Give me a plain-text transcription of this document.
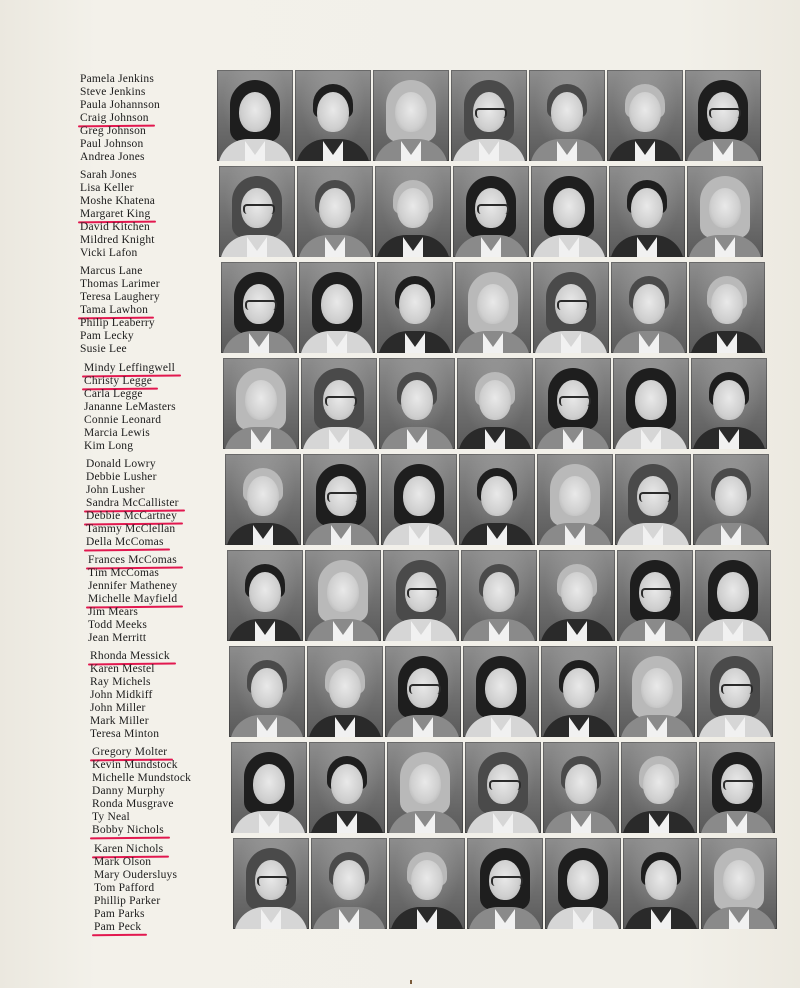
Pamela Jenkins
Steve Jenkins
Paula Johannson
Craig Johnson
Greg Johnson
Paul Johnson
Andrea Jones
Sarah Jones
Lisa Keller
Moshe Khatena
Margaret King
David Kitchen
Mildred Knight
Vicki Lafon
Marcus Lane
Thomas Larimer
Teresa Laughery
Tama Lawhon
Philip Leaberry
Pam Lecky
Susie Lee
Mindy Leffingwell
Christy Legge
Carla Legge
Jananne LeMasters
Connie Leonard
Marcia Lewis
Kim Long
Donald Lowry
Debbie Lusher
John Lusher
Sandra McCallister
Debbie McCartney
Tammy McClellan
Della McComas
Frances McComas
Tim McComas
Jennifer Matheney
Michelle Mayfield
Jim Mears
Todd Meeks
Jean Merritt
Rhonda Messick
Karen Mestel
Ray Michels
John Midkiff
John Miller
Mark Miller
Teresa Minton
Gregory Molter
Kevin Mundstock
Michelle Mundstock
Danny Murphy
Ronda Musgrave
Ty Neal
Bobby Nichols
Karen Nichols
Mark Olson
Mary Oudersluys
Tom Pafford
Phillip Parker
Pam Parks
Pam Peck
